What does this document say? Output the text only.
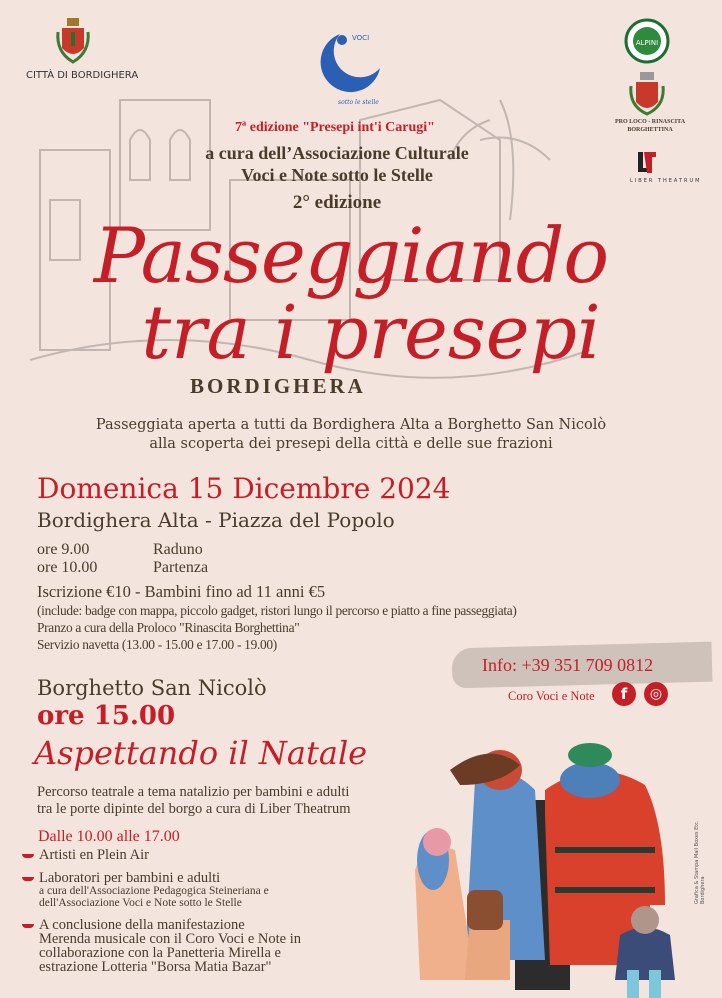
CITTÀ DI BORDIGHERA
VOCI
sotto le stelle
ALPINI
PRO LOCO - RINASCITA
BORGHETTINA
LIBER THEATRUM
7ª edizione "Presepi int'i Carugi"
a cura dell’Associazione Culturale
Voci e Note sotto le Stelle
2° edizione
Passeggiando
tra i presepi
BORDIGHERA
Passeggiata aperta a tutti da Bordighera Alta a Borghetto San Nicolò
alla scoperta dei presepi della città e delle sue frazioni
Domenica 15 Dicembre 2024
Bordighera Alta - Piazza del Popolo
ore 9.00	Raduno
ore 10.00	Partenza
Iscrizione €10 - Bambini fino ad 11 anni €5
(include: badge con mappa, piccolo gadget, ristori lungo il percorso e piatto a fine passeggiata)
Pranzo a cura della Proloco "Rinascita Borghettina"
Servizio navetta (13.00 - 15.00 e 17.00 - 19.00)
Info: +39 351 709 0812
Coro Voci e Note	f	◎
Borghetto San Nicolò
ore 15.00
Aspettando il Natale
Percorso teatrale a tema natalizio per bambini e adulti
tra le porte dipinte del borgo a cura di Liber Theatrum
Dalle 10.00 alle 17.00
Artisti en Plein Air
Laboratori per bambini e adulti
a cura dell'Associazione Pedagogica Steineriana e
dell'Associazione Voci e Note sotto le Stelle
A conclusione della manifestazione
Merenda musicale con il Coro Voci e Note in
collaborazione con la Panetteria Mirella e
estrazione Lotteria "Borsa Matia Bazar"
Grafica & Stampa Mail Boxes Etc. Bordighera
